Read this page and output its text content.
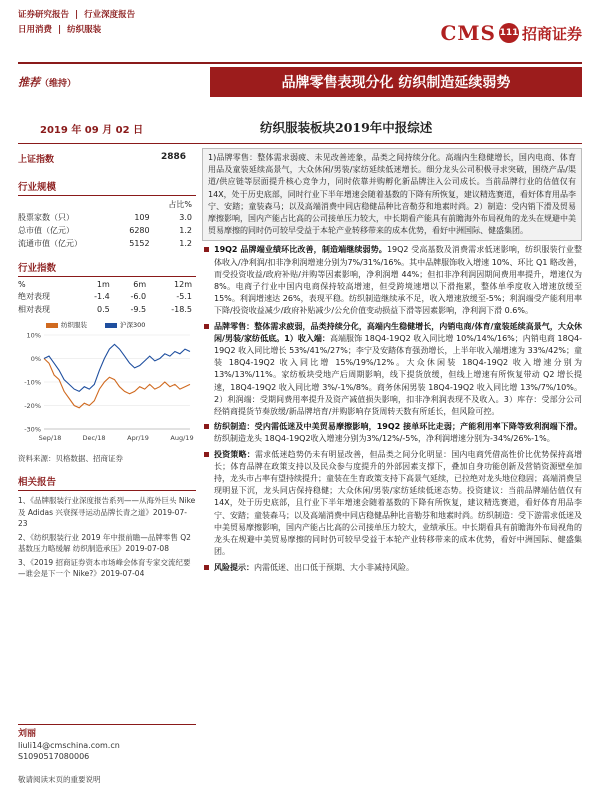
证券研究报告 | 行业深度报告
日用消费 | 纺织服装	CMS 111 招商证券
推荐（维持）	品牌零售表现分化 纺织制造延续弱势
2019 年 09 月 02 日	纺织服装板块2019年中报综述
上证指数	2886
行业规模
		占比%
股票家数（只）	109	3.0
总市值（亿元）	6280	1.2
流通市值（亿元）	5152	1.2
行业指数
%	1m	6m	12m
绝对表现	-1.4	-6.0	-5.1
相对表现	0.5	-9.5	-18.5
纺织服装	沪深300
10%
0%
-10%
-20%
-30%
Sep/18	Dec/18	Apr/19	Aug/19
资料来源：贝格数据、招商证券
相关报告

1、《品牌服装行业深度报告系列——从海外巨头 Nike及 Adidas 兴衰探寻运动品牌长青之道》2019-07-23

2、《纺织服装行业 2019 年中报前瞻—品牌零售 Q2 基数压力略缓解 纺织制造承压》2019-07-08

3、《2019 招商证券资本市场峰会体育专家交流纪要—谁会是下一个 Nike?》2019-07-04

刘丽
liuli14@cmschina.com.cn
S1090517080006
1)品牌零售：整体需求弱疲、未见改善迹象，品类之间持续分化。高端内生稳健增长，国内电商、体育用品及童装延续高景气，大众休闲/男装/家纺延续低迷增长。细分龙头公司积极寻求突破，围绕产品/渠道/供应链等层面提升核心竞争力，同时依靠并购孵化新品牌注入公司成长。当前品牌行业的估值仅有 14X，处于历史底部，同时行业下半年增速会随着基数的下降有所恢复，建议精选赛道，看好体育用品李宁、安踏；童装森马；以及高端消费中同店稳健品种比音勒芬和地素时尚。2）制造：受内销下滑及贸易摩擦影响，国内产能占比高的公司接单压力较大，中长期看产能具有前瞻海外布局视角的龙头在规避中美贸易摩擦的同时仍可较早受益于本轮产业转移带来的成本优势，看好中洲国际、健盛集团。
19Q2 品牌端业绩环比改善，制造端继续弱势。19Q2 受高基数及消费需求低迷影响，纺织服装行业整体收入/净利润/扣非净利润增速分别为7%/31%/16%。其中品牌服饰收入增速 10%、环比 Q1 略改善，而受投资收益/政府补贴/并购等因素影响，净利润增 44%；但扣非净利润因期间费用率提升，增速仅为 8%。电商子行业中国内电商保持较高增速，但受跨境速增以下滑拖累，整体单季度收入增速放缓至 15%。利润增速达 26%，表现平稳。纺织制造继续承不足，收入增速放缓至-5%；利润端受产能利用率下降/投资收益减少/政府补贴减少/公允价值变动损益下滑等因素影响，净利润下滑 0.6%。
品牌零售：整体需求疲弱，品类持续分化，高端内生稳健增长，内销电商/体育/童装延续高景气，大众休闲/男装/家纺低底。1）收入端：高端服饰 18Q4-19Q2 收入同比增 10%/14%/16%；内销电商 18Q4-19Q2 收入同比增长 53%/41%/27%；李宁及安踏体育强劲增长，上半年收入端增速为 33%/42%；童装 18Q4-19Q2 收入同比增 15%/19%/12%。大众休闲装 18Q4-19Q2 收入增速分别为 13%/13%/11%。家纺板块受地产后周期影响，线下提货放缓，但线上增速有所恢复带动 Q2 增长提速，18Q4-19Q2 收入同比增 3%/-1%/8%。商务休闲男装 18Q4-19Q2 收入同比增 13%/7%/10%。2）利润端：受期间费用率提升及资产减值损失影响，扣非净利润表现不及收入。3）库存：受部分公司经销商提货节奏放缓/新品牌培育/并购影响存货周转天数有所延长，但风险可控。
纺织制造：受内需低迷及中美贸易摩擦影响，19Q2 接单环比走弱；产能利用率下降等致利润端下滑。纺织制造龙头 18Q4-19Q2收入增速分别为3%/12%/-5%，净利润增速分别为-34%/26%-1%。
投资策略：需求低迷趋势仍未有明显改善，但品类之间分化明显：国内电商凭借高性价比优势保持高增长；体育品牌在政策支持以及民众参与度提升的外部因素支撑下，叠加自身功能创新及营销资源壁垒加持，龙头市占率有望持续提升；童装在生育政策支持下高景气延续，已拉绝对龙头地位稳固；高端消费呈现明显下沉，龙头同店保持稳健；大众休闲/男装/家纺延续低迷态势。投资建议：当前品牌端估值仅有 14X，处于历史底部，且行业下半年增速会随着基数的下降有所恢复，建议精选赛道，看好体育用品李宁、安踏；童装森马；以及高端消费中同店稳健品种比音勒芬和地素时尚。纺织制造：受下游需求低迷及中美贸易摩擦影响，国内产能占比高的公司接单压力较大，业绩承压。中长期看具有前瞻海外布局视角的龙头在规避中美贸易摩擦的同时仍可较早受益于本轮产业转移带来的成本优势，看好中洲国际、健盛集团。
风险提示：内需低迷、出口低于预期、大小非减持风险。
敬请阅读末页的重要说明
